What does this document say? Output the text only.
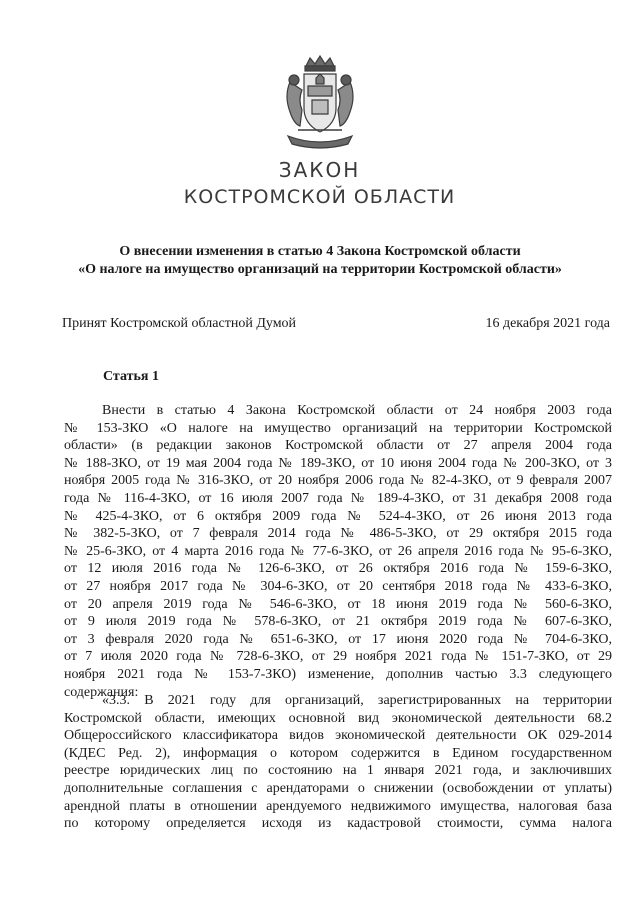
ЗАКОН
КОСТРОМСКОЙ ОБЛАСТИ
О внесении изменения в статью 4 Закона Костромской области
«О налоге на имущество организаций на территории Костромской области»
Принят Костромской областной Думой	16 декабря 2021 года
Статья 1
Внести в статью 4 Закона Костромской области от 24 ноября 2003 года
№ 153-ЗКО «О налоге на имущество организаций на территории Костромской
области» (в редакции законов Костромской области от 27 апреля 2004 года
№ 188-ЗКО, от 19 мая 2004 года № 189-ЗКО, от 10 июня 2004 года № 200-ЗКО, от 3
ноября 2005 года № 316-ЗКО, от 20 ноября 2006 года № 82-4-ЗКО, от 9 февраля 2007
года № 116-4-ЗКО, от 16 июля 2007 года № 189-4-ЗКО, от 31 декабря 2008 года
№ 425-4-ЗКО, от 6 октября 2009 года № 524-4-ЗКО, от 26 июня 2013 года
№ 382-5-ЗКО, от 7 февраля 2014 года № 486-5-ЗКО, от 29 октября 2015 года
№ 25-6-ЗКО, от 4 марта 2016 года № 77-6-ЗКО, от 26 апреля 2016 года № 95-6-ЗКО,
от 12 июля 2016 года № 126-6-ЗКО, от 26 октября 2016 года № 159-6-ЗКО,
от 27 ноября 2017 года № 304-6-ЗКО, от 20 сентября 2018 года № 433-6-ЗКО,
от 20 апреля 2019 года № 546-6-ЗКО, от 18 июня 2019 года № 560-6-ЗКО,
от 9 июля 2019 года № 578-6-ЗКО, от 21 октября 2019 года № 607-6-ЗКО,
от 3 февраля 2020 года № 651-6-ЗКО, от 17 июня 2020 года № 704-6-ЗКО,
от 7 июля 2020 года № 728-6-ЗКО, от 29 ноября 2021 года № 151-7-ЗКО, от 29
ноября 2021 года № 153-7-ЗКО) изменение, дополнив частью 3.3 следующего
содержания:
«3.3. В 2021 году для организаций, зарегистрированных на территории
Костромской области, имеющих основной вид экономической деятельности 68.2
Общероссийского классификатора видов экономической деятельности ОК 029-2014
(КДЕС Ред. 2), информация о котором содержится в Едином государственном
реестре юридических лиц по состоянию на 1 января 2021 года, и заключивших
дополнительные соглашения с арендаторами о снижении (освобождении от уплаты)
арендной платы в отношении арендуемого недвижимого имущества, налоговая база
по которому определяется исходя из кадастровой стоимости, сумма налога
